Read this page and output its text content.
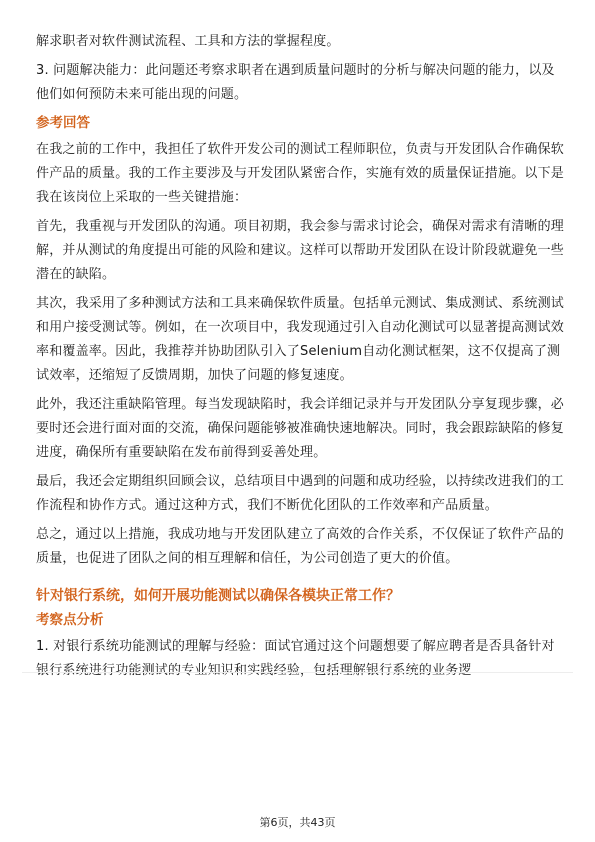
解求职者对软件测试流程、工具和方法的掌握程度。

3. 问题解决能力：此问题还考察求职者在遇到质量问题时的分析与解决问题的能力，以及他们如何预防未来可能出现的问题。

参考回答

在我之前的工作中，我担任了软件开发公司的测试工程师职位，负责与开发团队合作确保软件产品的质量。我的工作主要涉及与开发团队紧密合作，实施有效的质量保证措施。以下是我在该岗位上采取的一些关键措施：

首先，我重视与开发团队的沟通。项目初期，我会参与需求讨论会，确保对需求有清晰的理解，并从测试的角度提出可能的风险和建议。这样可以帮助开发团队在设计阶段就避免一些潜在的缺陷。

其次，我采用了多种测试方法和工具来确保软件质量。包括单元测试、集成测试、系统测试和用户接受测试等。例如，在一次项目中，我发现通过引入自动化测试可以显著提高测试效率和覆盖率。因此，我推荐并协助团队引入了Selenium自动化测试框架，这不仅提高了测试效率，还缩短了反馈周期，加快了问题的修复速度。

此外，我还注重缺陷管理。每当发现缺陷时，我会详细记录并与开发团队分享复现步骤，必要时还会进行面对面的交流，确保问题能够被准确快速地解决。同时，我会跟踪缺陷的修复进度，确保所有重要缺陷在发布前得到妥善处理。

最后，我还会定期组织回顾会议，总结项目中遇到的问题和成功经验，以持续改进我们的工作流程和协作方式。通过这种方式，我们不断优化团队的工作效率和产品质量。

总之，通过以上措施，我成功地与开发团队建立了高效的合作关系，不仅保证了软件产品的质量，也促进了团队之间的相互理解和信任，为公司创造了更大的价值。

针对银行系统，如何开展功能测试以确保各模块正常工作？
考察点分析

1. 对银行系统功能测试的理解与经验：面试官通过这个问题想要了解应聘者是否具备针对银行系统进行功能测试的专业知识和实践经验，包括理解银行系统的业务逻

第6页，共43页
